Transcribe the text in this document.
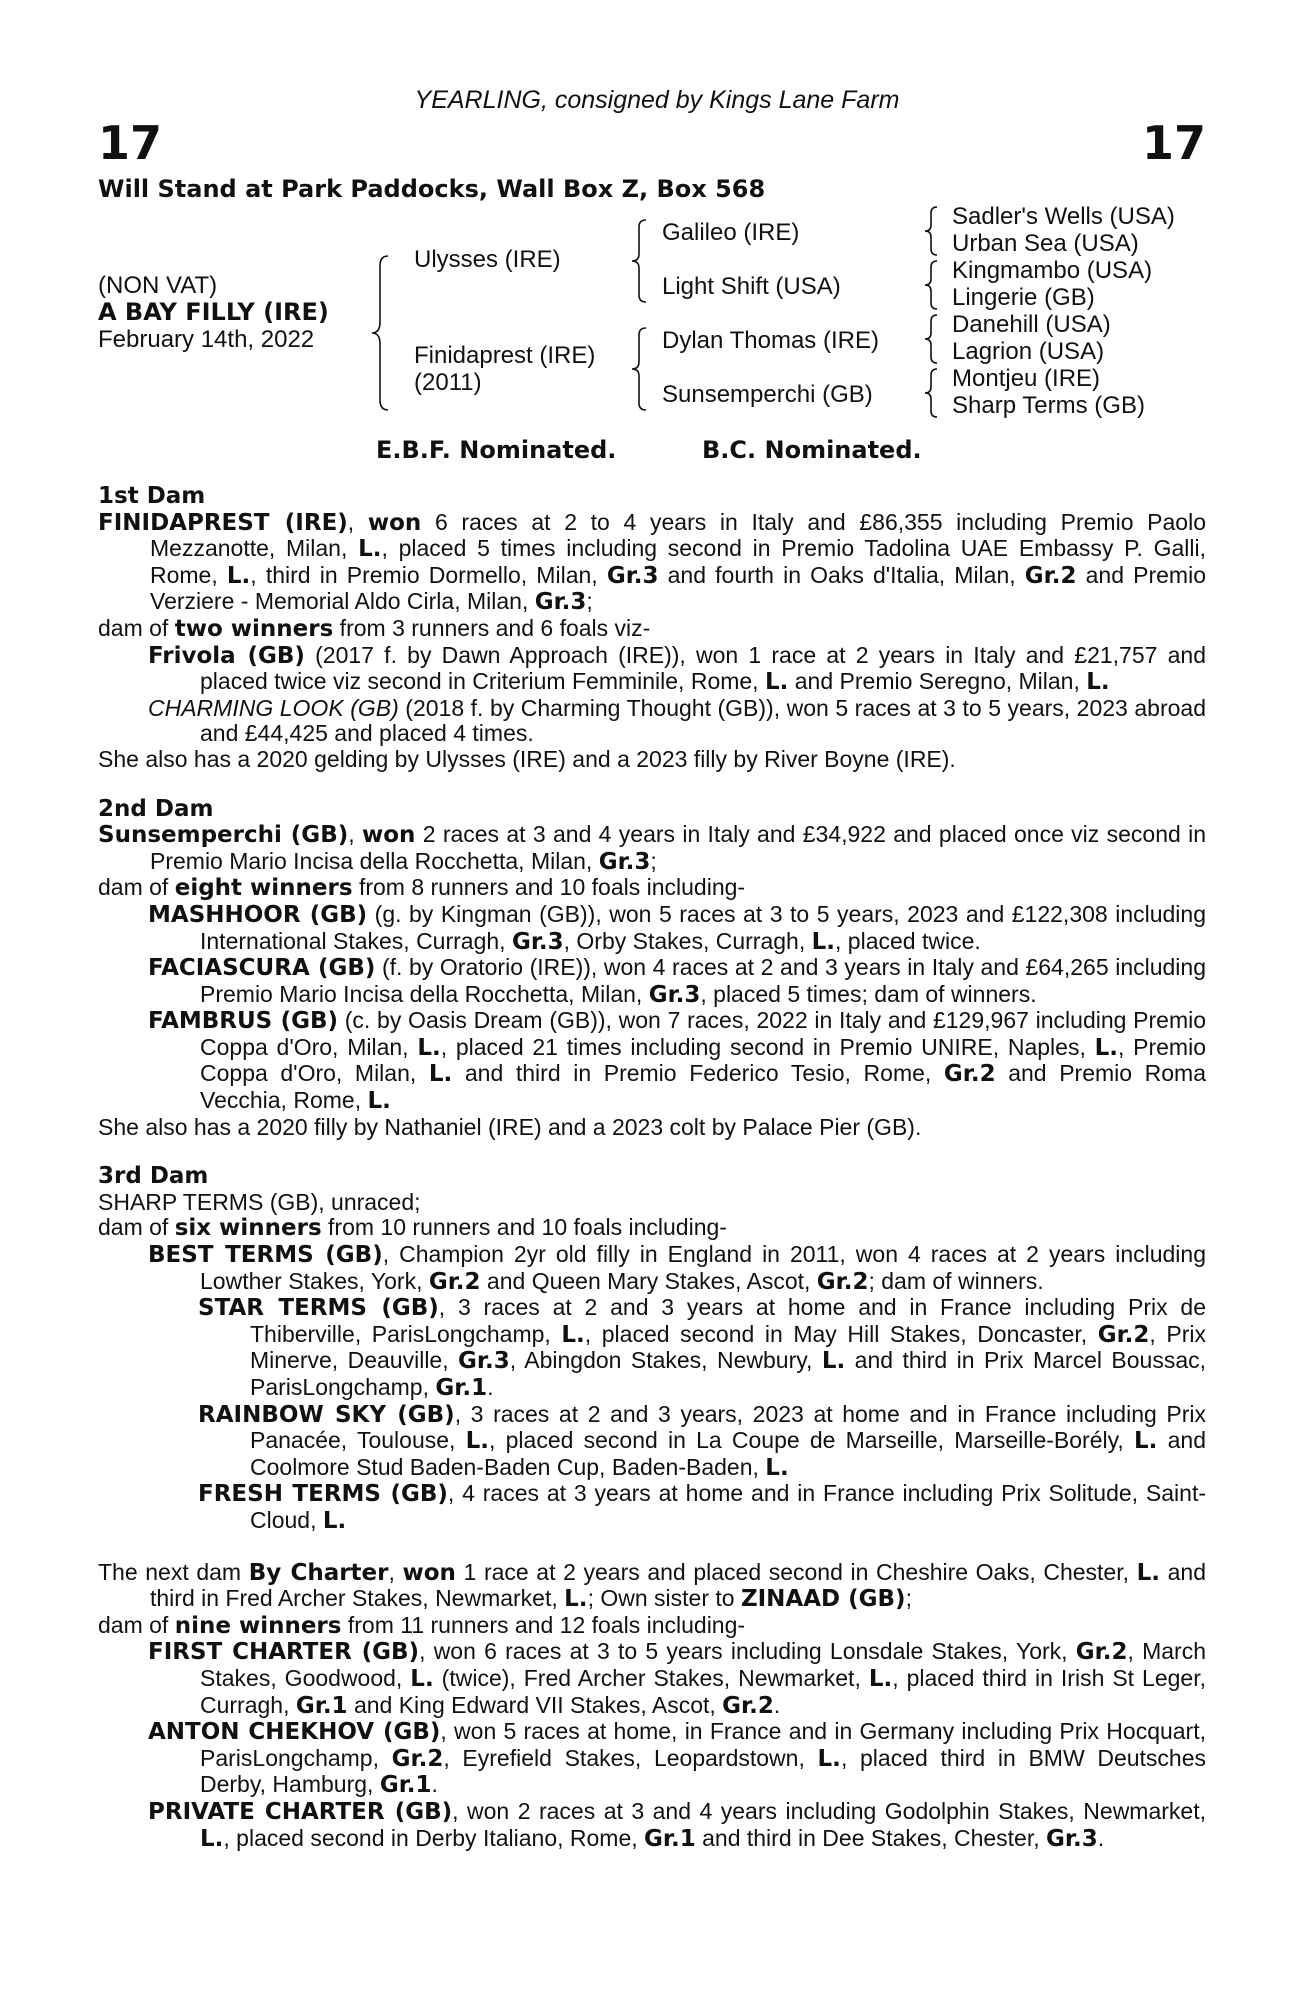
YEARLING, consigned by Kings Lane Farm
17	17
Will Stand at Park Paddocks, Wall Box Z, Box 568
(NON VAT)
A BAY FILLY (IRE)
February 14th, 2022
Ulysses (IRE)
Finidaprest (IRE)
(2011)
Galileo (IRE)
Light Shift (USA)
Dylan Thomas (IRE)
Sunsemperchi (GB)
Sadler's Wells (USA)
Urban Sea (USA)
Kingmambo (USA)
Lingerie (GB)
Danehill (USA)
Lagrion (USA)
Montjeu (IRE)
Sharp Terms (GB)
E.B.F. Nominated.	B.C. Nominated.
1st Dam
FINIDAPREST (IRE), won 6 races at 2 to 4 years in Italy and £86,355 including Premio Paolo Mezzanotte, Milan, L., placed 5 times including second in Premio Tadolina UAE Embassy P. Galli, Rome, L., third in Premio Dormello, Milan, Gr.3 and fourth in Oaks d'Italia, Milan, Gr.2 and Premio Verziere - Memorial Aldo Cirla, Milan, Gr.3;
dam of two winners from 3 runners and 6 foals viz-
Frivola (GB) (2017 f. by Dawn Approach (IRE)), won 1 race at 2 years in Italy and £21,757 and placed twice viz second in Criterium Femminile, Rome, L. and Premio Seregno, Milan, L.
CHARMING LOOK (GB) (2018 f. by Charming Thought (GB)), won 5 races at 3 to 5 years, 2023 abroad and £44,425 and placed 4 times.
She also has a 2020 gelding by Ulysses (IRE) and a 2023 filly by River Boyne (IRE).
2nd Dam
Sunsemperchi (GB), won 2 races at 3 and 4 years in Italy and £34,922 and placed once viz second in Premio Mario Incisa della Rocchetta, Milan, Gr.3;
dam of eight winners from 8 runners and 10 foals including-
MASHHOOR (GB) (g. by Kingman (GB)), won 5 races at 3 to 5 years, 2023 and £122,308 including International Stakes, Curragh, Gr.3, Orby Stakes, Curragh, L., placed twice.
FACIASCURA (GB) (f. by Oratorio (IRE)), won 4 races at 2 and 3 years in Italy and £64,265 including Premio Mario Incisa della Rocchetta, Milan, Gr.3, placed 5 times; dam of winners.
FAMBRUS (GB) (c. by Oasis Dream (GB)), won 7 races, 2022 in Italy and £129,967 including Premio Coppa d'Oro, Milan, L., placed 21 times including second in Premio UNIRE, Naples, L., Premio Coppa d'Oro, Milan, L. and third in Premio Federico Tesio, Rome, Gr.2 and Premio Roma Vecchia, Rome, L.
She also has a 2020 filly by Nathaniel (IRE) and a 2023 colt by Palace Pier (GB).
3rd Dam
SHARP TERMS (GB), unraced;
dam of six winners from 10 runners and 10 foals including-
BEST TERMS (GB), Champion 2yr old filly in England in 2011, won 4 races at 2 years including Lowther Stakes, York, Gr.2 and Queen Mary Stakes, Ascot, Gr.2; dam of winners.
STAR TERMS (GB), 3 races at 2 and 3 years at home and in France including Prix de Thiberville, ParisLongchamp, L., placed second in May Hill Stakes, Doncaster, Gr.2, Prix Minerve, Deauville, Gr.3, Abingdon Stakes, Newbury, L. and third in Prix Marcel Boussac, ParisLongchamp, Gr.1.
RAINBOW SKY (GB), 3 races at 2 and 3 years, 2023 at home and in France including Prix Panacée, Toulouse, L., placed second in La Coupe de Marseille, Marseille-Borély, L. and Coolmore Stud Baden-Baden Cup, Baden-Baden, L.
FRESH TERMS (GB), 4 races at 3 years at home and in France including Prix Solitude, Saint-Cloud, L.
The next dam By Charter, won 1 race at 2 years and placed second in Cheshire Oaks, Chester, L. and third in Fred Archer Stakes, Newmarket, L.; Own sister to ZINAAD (GB);
dam of nine winners from 11 runners and 12 foals including-
FIRST CHARTER (GB), won 6 races at 3 to 5 years including Lonsdale Stakes, York, Gr.2, March Stakes, Goodwood, L. (twice), Fred Archer Stakes, Newmarket, L., placed third in Irish St Leger, Curragh, Gr.1 and King Edward VII Stakes, Ascot, Gr.2.
ANTON CHEKHOV (GB), won 5 races at home, in France and in Germany including Prix Hocquart, ParisLongchamp, Gr.2, Eyrefield Stakes, Leopardstown, L., placed third in BMW Deutsches Derby, Hamburg, Gr.1.
PRIVATE CHARTER (GB), won 2 races at 3 and 4 years including Godolphin Stakes, Newmarket, L., placed second in Derby Italiano, Rome, Gr.1 and third in Dee Stakes, Chester, Gr.3.
